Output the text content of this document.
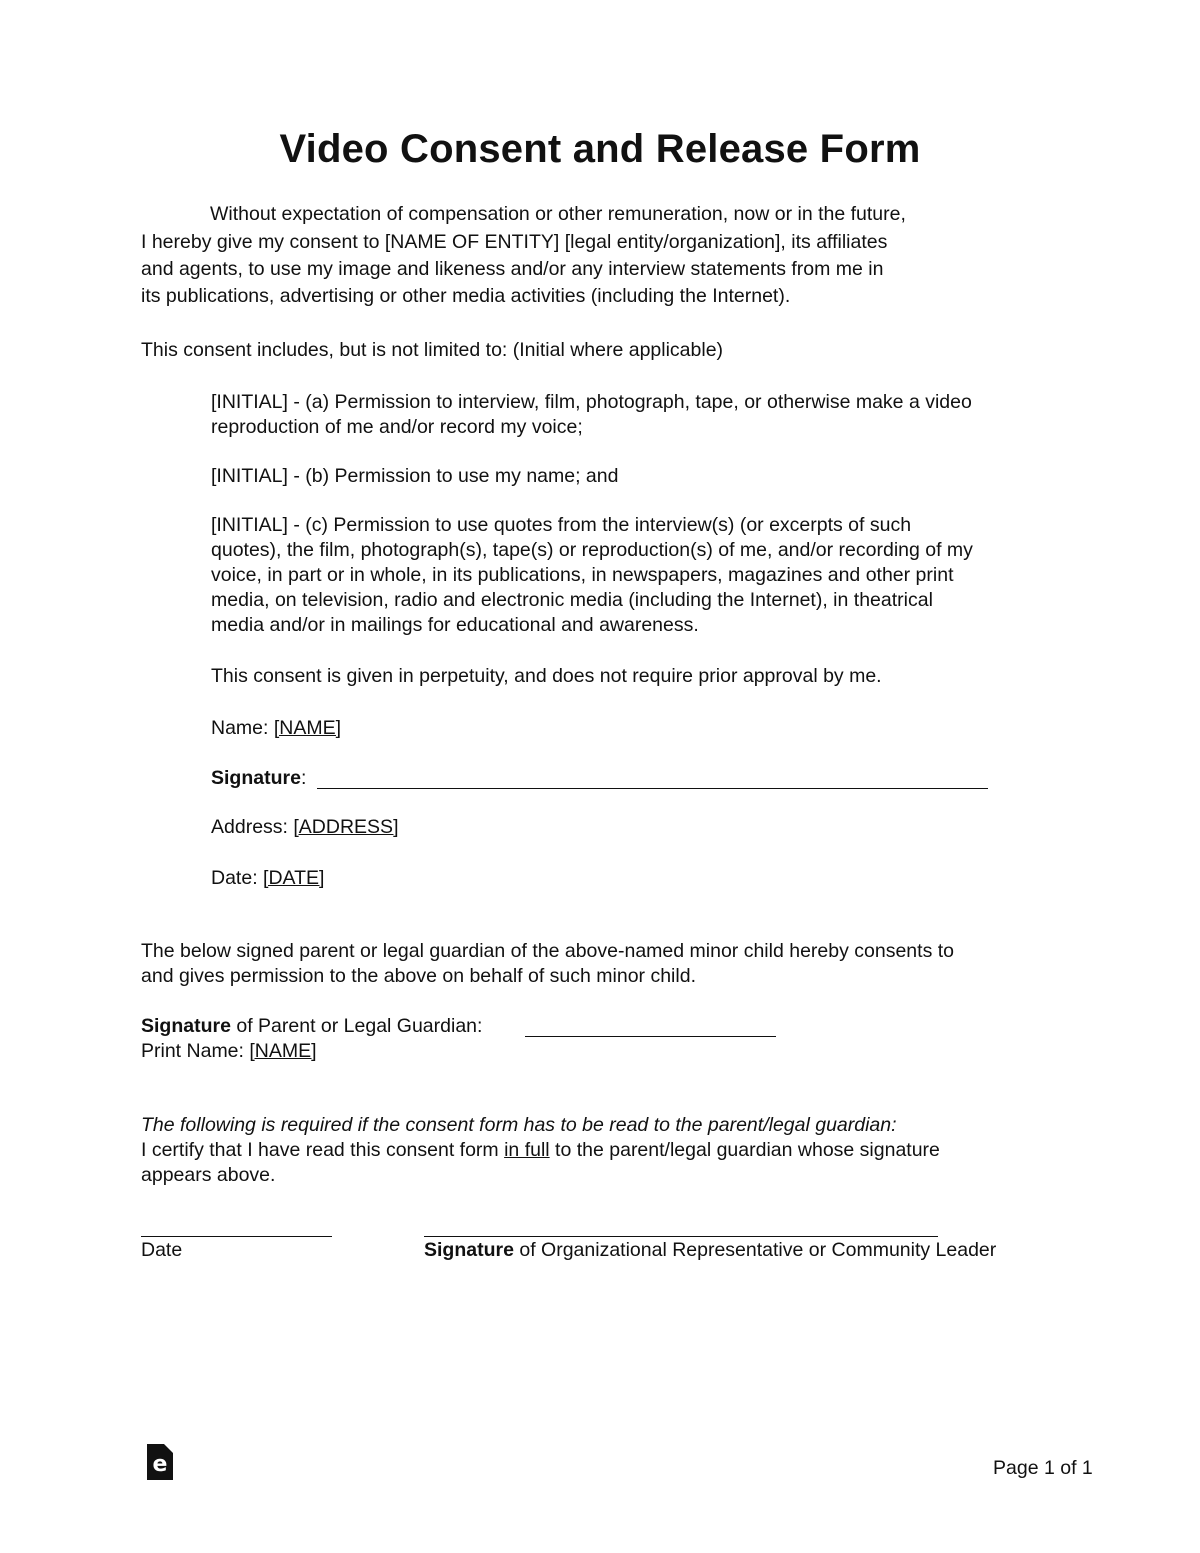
Video Consent and Release Form
Without expectation of compensation or other remuneration, now or in the future,
I hereby give my consent to [NAME OF ENTITY] [legal entity/organization], its affiliates
and agents, to use my image and likeness and/or any interview statements from me in
its publications, advertising or other media activities (including the Internet).
This consent includes, but is not limited to: (Initial where applicable)
[INITIAL] - (a) Permission to interview, film, photograph, tape, or otherwise make a video
reproduction of me and/or record my voice;
[INITIAL] - (b) Permission to use my name; and
[INITIAL] - (c) Permission to use quotes from the interview(s) (or excerpts of such
quotes), the film, photograph(s), tape(s) or reproduction(s) of me, and/or recording of my
voice, in part or in whole, in its publications, in newspapers, magazines and other print
media, on television, radio and electronic media (including the Internet), in theatrical
media and/or in mailings for educational and awareness.
This consent is given in perpetuity, and does not require prior approval by me.
Name: [NAME]
Signature:
Address: [ADDRESS]
Date: [DATE]
The below signed parent or legal guardian of the above-named minor child hereby consents to
and gives permission to the above on behalf of such minor child.
Signature of Parent or Legal Guardian:
Print Name: [NAME]
The following is required if the consent form has to be read to the parent/legal guardian:
I certify that I have read this consent form in full to the parent/legal guardian whose signature
appears above.
Date	Signature of Organizational Representative or Community Leader
e	Page 1 of 1
